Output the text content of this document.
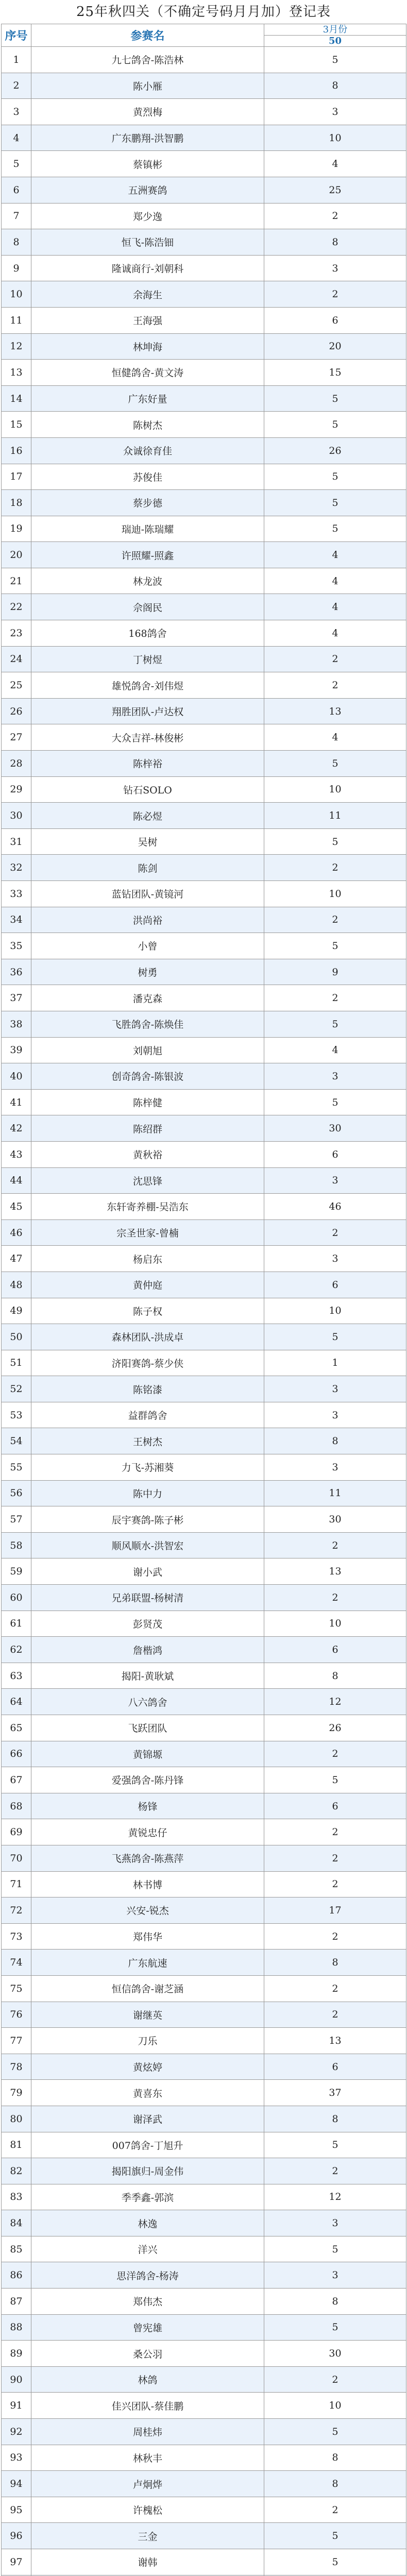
25年秋四关（不确定号码月月加）登记表
序号	参赛名	3月份
		50
1	九七鸽舍-陈浩林	5
2	陈小雁	8
3	黄烈梅	3
4	广东鹏翔-洪智鹏	10
5	蔡镇彬	4
6	五洲赛鸽	25
7	郑少逸	2
8	恒飞-陈浩钿	8
9	隆诚商行-刘朝科	3
10	余海生	2
11	王海强	6
12	林坤海	20
13	恒健鸽舍-黄文涛	15
14	广东好量	5
15	陈树杰	5
16	众诚徐育佳	26
17	苏俊佳	5
18	蔡步德	5
19	瑞迪-陈瑞耀	5
20	许照耀-照鑫	4
21	林龙波	4
22	佘阁民	4
23	168鸽舍	4
24	丁树煜	2
25	雄悦鸽舍-刘伟煜	2
26	翔胜团队-卢达权	13
27	大众吉祥-林俊彬	4
28	陈梓裕	5
29	钻石SOLO	10
30	陈必煜	11
31	吴树	5
32	陈剑	2
33	蓝钻团队-黄镜河	10
34	洪尚裕	2
35	小曾	5
36	树勇	9
37	潘克森	2
38	飞胜鸽舍-陈焕佳	5
39	刘朝旭	4
40	创奇鸽舍-陈银波	3
41	陈梓健	5
42	陈绍群	30
43	黄秋裕	6
44	沈思锋	3
45	东轩寄养棚-吴浩东	46
46	宗圣世家-曾楠	2
47	杨启东	3
48	黄仲庭	6
49	陈子权	10
50	森林团队-洪成卓	5
51	济阳赛鸽-蔡少侠	1
52	陈铭漆	3
53	益群鸽舍	3
54	王树杰	8
55	力飞-苏湘葵	3
56	陈中力	11
57	辰宇赛鸽-陈子彬	30
58	顺风顺水-洪智宏	2
59	谢小武	13
60	兄弟联盟-杨树清	2
61	彭贤茂	10
62	詹楷鸿	6
63	揭阳-黄耿斌	8
64	八六鸽舍	12
65	飞跃团队	26
66	黄锦塬	2
67	爱强鸽舍-陈丹锋	5
68	杨锋	6
69	黄锐忠仔	2
70	飞燕鸽舍-陈燕萍	2
71	林书博	2
72	兴安-锐杰	17
73	郑伟华	2
74	广东航速	8
75	恒信鸽舍-谢芝涵	2
76	谢继英	2
77	刀乐	13
78	黄炫婷	6
79	黄喜东	37
80	谢泽武	8
81	007鸽舍-丁旭升	5
82	揭阳旗归-周金伟	2
83	季季鑫-郭滨	12
84	林逸	3
85	洋兴	5
86	思洋鸽舍-杨涛	3
87	郑伟杰	8
88	曾宪雄	5
89	桑公羽	30
90	林鸽	2
91	佳兴团队-蔡佳鹏	10
92	周桂炜	5
93	林秋丰	8
94	卢炯烨	8
95	许槐松	2
96	三金	5
97	谢韩	5
